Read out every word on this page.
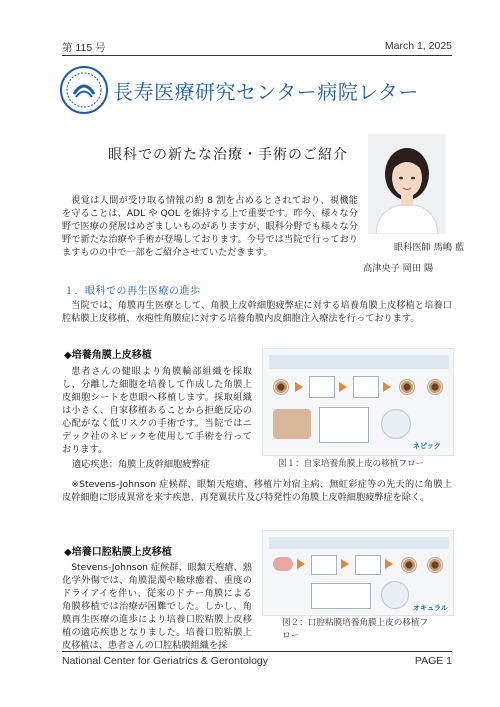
第 115 号	March 1, 2025
長寿医療研究センター病院レター
眼科での新たな治療・手術のご紹介
視覚は人間が受け取る情報の約 8 割を占めるとされており、視機能を守ることは、ADL や QOL を維持する上で重要です。昨今、様々な分野で医療の発展はめざましいものがありますが、眼科分野でも様々な分野で新たな治療や手術が登場しております。今号では当院で行っておりますものの中で一部をご紹介させていただきます。	眼科医師 馬嶋 藍
高津央子 岡田 陽
１．眼科での再生医療の進歩
当院では、角膜再生医療として、角膜上皮幹細胞疲弊症に対する培養角膜上皮移植と培養口腔粘膜上皮移植、水疱性角膜症に対する培養角膜内皮細胞注入療法を行っております。
◆培養角膜上皮移植
患者さんの健眼より角膜輪部組織を採取し、分離した細胞を培養して作成した角膜上皮細胞シートを患眼へ移植します。採取組織は小さく、自家移植あることから拒絶反応の心配がなく低リスクの手術です。当院ではニデック社のネピックを使用して手術を行っております。
適応疾患：角膜上皮幹細胞疲弊症
ネピック
図１：自家培養角膜上皮の移植フロー
※Stevens-Johnson 症候群、眼類天疱瘡、移植片対宿主病、無虹彩症等の先天的に角膜上皮幹細胞に形成異常を来す疾患、再発翼状片及び特発性の角膜上皮幹細胞疲弊症を除く。
◆培養口腔粘膜上皮移植
Stevens-Johnson 症候群、眼類天疱瘡、熱化学外傷では、角膜混濁や瞼球癒着、重度のドライアイを伴い、従来のドナー角膜による角膜移植では治療が困難でした。しかし、角膜再生医療の進歩により培養口腔粘膜上皮移植の適応疾患となりました。培養口腔粘膜上皮移植は、患者さんの口腔粘膜組織を採
オキュラル
図２：口腔粘膜培養角膜上皮の移植フロー
National Center for Geriatrics & Gerontology	PAGE 1
